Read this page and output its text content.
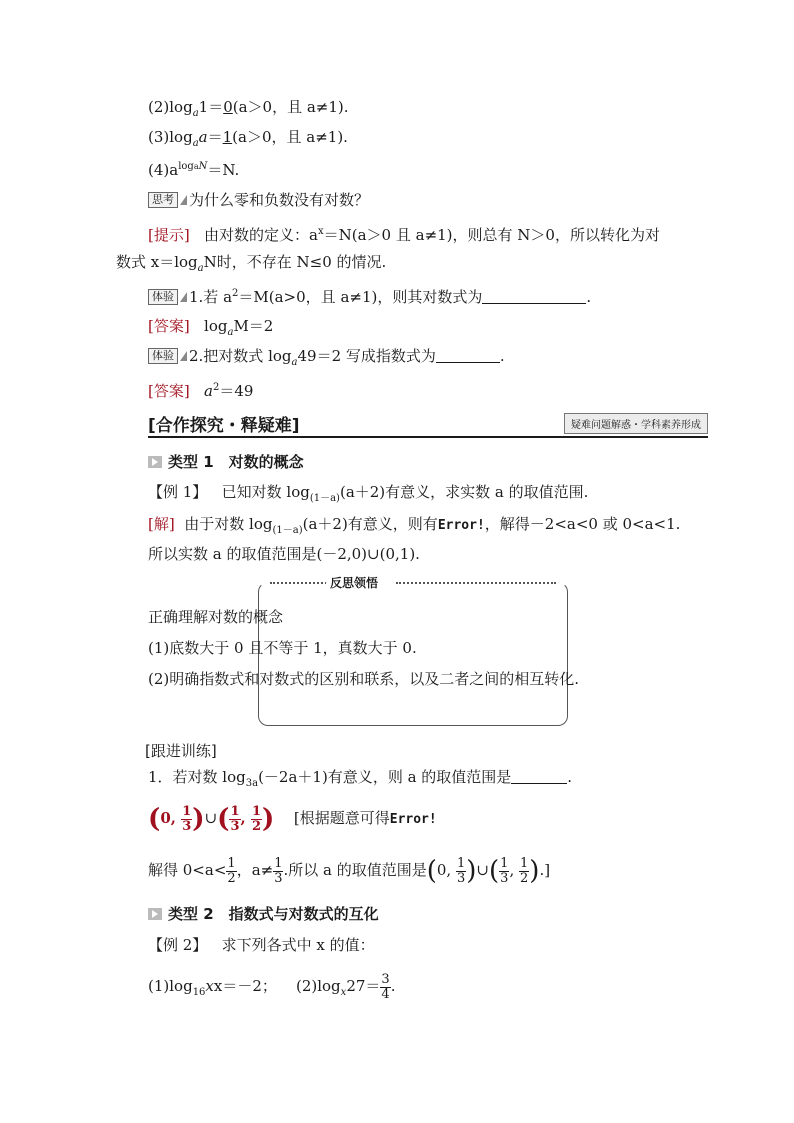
$(2)\log_a1=0(a>0$，且 a≠1).
$(3)\log_aa=1(a>0$，且 a≠1).
$(4)a^{logaN}=N$.
思考 为什么零和负数没有对数？
[提示] 由对数的定义：$a^x=N(a>0$ 且 a≠1)，则总有 N＞0，所以转化为对
数式 $x=\log_aN$时，不存在 N≤0 的情况.
体验 1.若 $a^2=M(a>0$，且 a≠1)，则其对数式为	.
[答案] $\log_aM=2$
体验 2.把对数式 $\log_a49=2$ 写成指数式为	.
[答案] $a^2=49$
[合作探究・释疑难]	疑难问题解惑・学科素养形成
类型 1　对数的概念
【例 1】 已知对数 $\log_{(1-a)}(a+2)$有意义，求实数 a 的取值范围.
[解] 由于对数 $\log_{(1-a)}(a+2)$有意义，则有Error!，解得－2<a<0 或 0<a<1.
所以实数 a 的取值范围是(－2,0)∪(0,1).
反思领悟
正确理解对数的概念
(1)底数大于 0 且不等于 1，真数大于 0.
(2)明确指数式和对数式的区别和联系，以及二者之间的相互转化.
[跟进训练]
1．若对数 $\log_{3a}(-2a+1)$有意义，则 a 的取值范围是	.
(0, $\frac{1}{3}$ )∪( $\frac{1}{3}$ , $\frac{1}{2}$ ) [根据题意可得Error!
解得 $0<a< \frac{1}{2}$ ，$a\ne \frac{1}{3}$ .所以 a 的取值范围是(0, $\frac{1}{3}$ )∪( $\frac{1}{3}$ , $\frac{1}{2}$ ).]
类型 2　指数式与对数式的互化
【例 2】 求下列各式中 x 的值：
$(1)\log_{16}xx=-2$； $(2)\log_x27= \frac{3}{4}$ .
